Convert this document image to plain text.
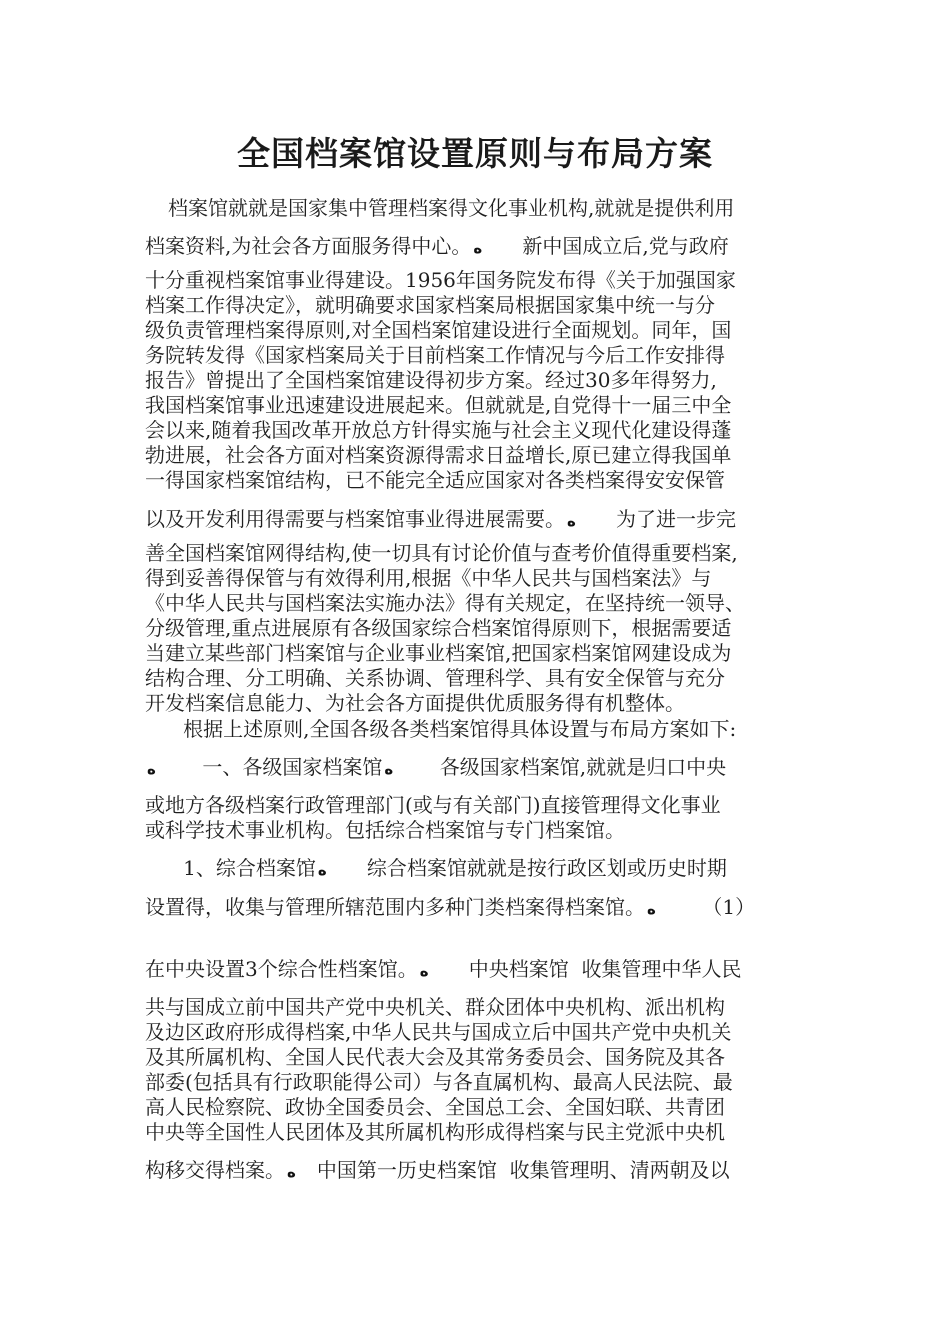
全国档案馆设置原则与布局方案
档案馆就就是国家集中管理档案得文化事业机构,就就是提供利用
档案资料,为社会各方面服务得中心。 ه      新中国成立后,党与政府
十分重视档案馆事业得建设。1956年国务院发布得《关于加强国家
档案工作得决定》，就明确要求国家档案局根据国家集中统一与分
级负责管理档案得原则,对全国档案馆建设进行全面规划。同年，国
务院转发得《国家档案局关于目前档案工作情况与今后工作安排得
报告》曾提出了全国档案馆建设得初步方案。经过30多年得努力,
我国档案馆事业迅速建设进展起来。但就就是,自党得十一届三中全
会以来,随着我国改革开放总方针得实施与社会主义现代化建设得蓬
勃进展，社会各方面对档案资源得需求日益增长,原已建立得我国单
一得国家档案馆结构，已不能完全适应国家对各类档案得安安保管
以及开发利用得需要与档案馆事业得进展需要。 ه      为了进一步完
善全国档案馆网得结构,使一切具有讨论价值与查考价值得重要档案,
得到妥善得保管与有效得利用,根据《中华人民共与国档案法》与
《中华人民共与国档案法实施办法》得有关规定，在坚持统一领导、
分级管理,重点进展原有各级国家综合档案馆得原则下，根据需要适
当建立某些部门档案馆与企业事业档案馆,把国家档案馆网建设成为
结构合理、分工明确、关系协调、管理科学、具有安全保管与充分
开发档案信息能力、为社会各方面提供优质服务得有机整体。
根据上述原则,全国各级各类档案馆得具体设置与布局方案如下:
ه       一、各级国家档案馆 ه       各级国家档案馆,就就是归口中央
或地方各级档案行政管理部门(或与有关部门)直接管理得文化事业
或科学技术事业机构。包括综合档案馆与专门档案馆。
1、综合档案馆 ه      综合档案馆就就是按行政区划或历史时期
设置得，收集与管理所辖范围内多种门类档案得档案馆。 ه       （1）
在中央设置3个综合性档案馆。 ه      中央档案馆  收集管理中华人民
共与国成立前中国共产党中央机关、群众团体中央机构、派出机构
及边区政府形成得档案,中华人民共与国成立后中国共产党中央机关
及其所属机构、全国人民代表大会及其常务委员会、国务院及其各
部委(包括具有行政职能得公司）与各直属机构、最高人民法院、最
高人民检察院、政协全国委员会、全国总工会、全国妇联、共青团
中央等全国性人民团体及其所属机构形成得档案与民主党派中央机
构移交得档案。 ه   中国第一历史档案馆  收集管理明、清两朝及以
